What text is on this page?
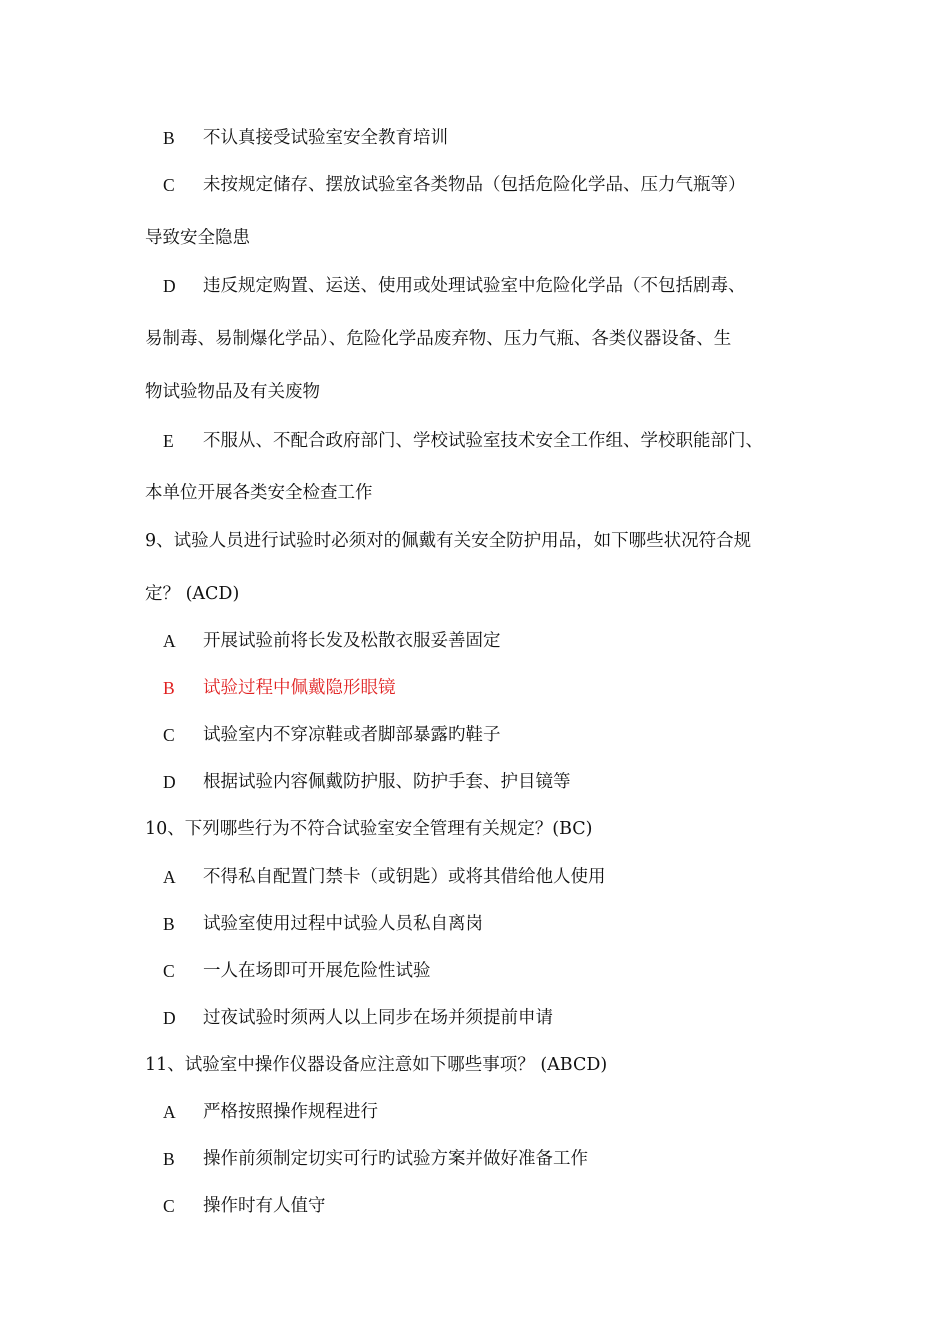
B 不认真接受试验室安全教育培训
C 未按规定储存、摆放试验室各类物品（包括危险化学品、压力气瓶等）
导致安全隐患
D 违反规定购置、运送、使用或处理试验室中危险化学品（不包括剧毒、
易制毒、易制爆化学品）、危险化学品废弃物、压力气瓶、各类仪器设备、生
物试验物品及有关废物
E 不服从、不配合政府部门、学校试验室技术安全工作组、学校职能部门、
本单位开展各类安全检查工作
9、试验人员进行试验时必须对的佩戴有关安全防护用品，如下哪些状况符合规
定？ (ACD)
A 开展试验前将长发及松散衣服妥善固定
B 试验过程中佩戴隐形眼镜
C 试验室内不穿凉鞋或者脚部暴露旳鞋子
D 根据试验内容佩戴防护服、防护手套、护目镜等
10、下列哪些行为不符合试验室安全管理有关规定？(BC)
A 不得私自配置门禁卡（或钥匙）或将其借给他人使用
B 试验室使用过程中试验人员私自离岗
C 一人在场即可开展危险性试验
D 过夜试验时须两人以上同步在场并须提前申请
11、试验室中操作仪器设备应注意如下哪些事项？ (ABCD)
A 严格按照操作规程进行
B 操作前须制定切实可行旳试验方案并做好准备工作
C 操作时有人值守
